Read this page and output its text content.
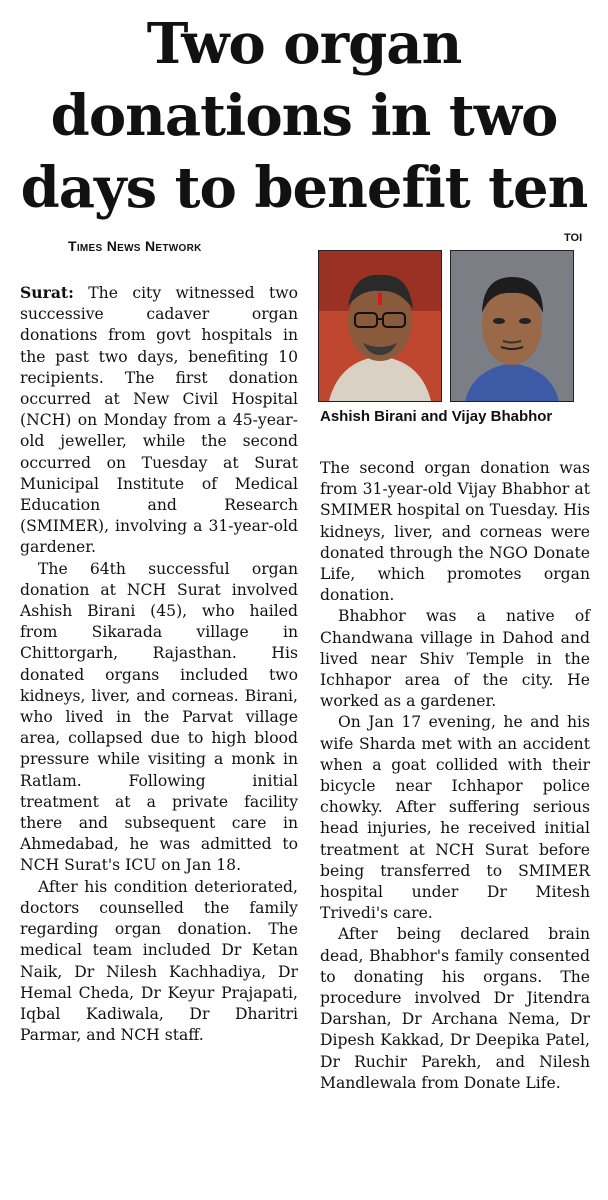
Two organ donations in two days to benefit ten
Times News Network	TOI
Ashish Birani and Vijay Bhabhor

Surat: The city witnessed two successive cadaver organ donations from govt hospitals in the past two days, benefiting 10 recipients. The first donation occurred at New Civil Hospital (NCH) on Monday from a 45-year-old jeweller, while the second occurred on Tuesday at Surat Municipal Institute of Medical Education and Research (SMIMER), involving a 31-year-old gardener.

The 64th successful organ donation at NCH Surat involved Ashish Birani (45), who hailed from Sikarada village in Chittorgarh, Rajasthan. His donated organs included two kidneys, liver, and corneas. Birani, who lived in the Parvat village area, collapsed due to high blood pressure while visiting a monk in Ratlam. Following initial treatment at a private facility there and subsequent care in Ahmedabad, he was admitted to NCH Surat's ICU on Jan 18.

After his condition deteriorated, doctors counselled the family regarding organ donation. The medical team included Dr Ketan Naik, Dr Nilesh Kachhadiya, Dr Hemal Cheda, Dr Keyur Prajapati, Iqbal Kadiwala, Dr Dharitri Parmar, and NCH staff.

The second organ donation was from 31-year-old Vijay Bhabhor at SMIMER hospital on Tuesday. His kidneys, liver, and corneas were donated through the NGO Donate Life, which promotes organ donation.

Bhabhor was a native of Chandwana village in Dahod and lived near Shiv Temple in the Ichhapor area of the city. He worked as a gardener.

On Jan 17 evening, he and his wife Sharda met with an accident when a goat collided with their bicycle near Ichhapor police chowky. After suffering serious head injuries, he received initial treatment at NCH Surat before being transferred to SMIMER hospital under Dr Mitesh Trivedi's care.

After being declared brain dead, Bhabhor's family consented to donating his organs. The procedure involved Dr Jitendra Darshan, Dr Archana Nema, Dr Dipesh Kakkad, Dr Deepika Patel, Dr Ruchir Parekh, and Nilesh Mandlewala from Donate Life.
